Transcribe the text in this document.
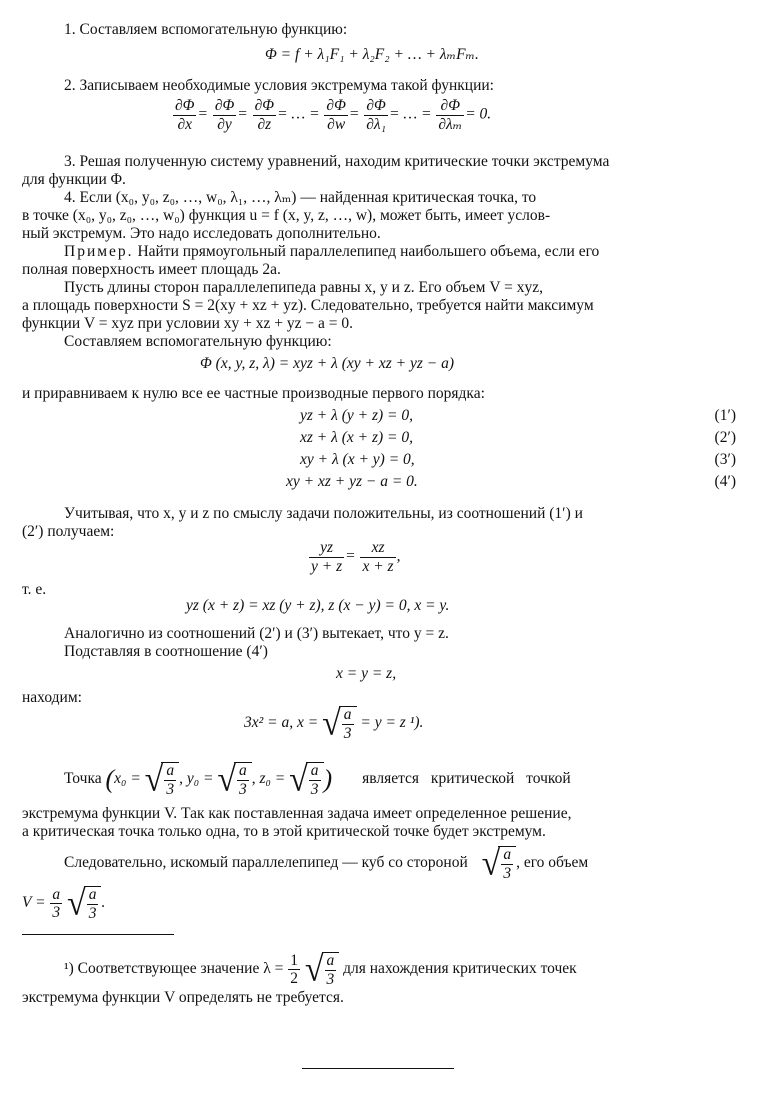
1. Составляем вспомогательную функцию:
Φ = f + λ₁F₁ + λ₂F₂ + … + λₘFₘ.
2. Записываем необходимые условия экстремума такой функции:
$\frac{\partial\Phi}{\partial x} = \frac{\partial\Phi}{\partial y} = \frac{\partial\Phi}{\partial z}$ = … = $\frac{\partial\Phi}{\partial w} = \frac{\partial\Phi}{\text{∂λ₁}}$ = … = $\frac{\partial\Phi}{\text{∂λₘ}} = 0$.
3. Решая полученную систему уравнений, находим критические точки экстремума
для функции Φ.
4. Если (x₀, y₀, z₀, …, w₀, λ₁, …, λₘ) — найденная критическая точка, то
в точке (x₀, y₀, z₀, …, w₀) функция u = f (x, y, z, …, w), может быть, имеет услов-
ный экстремум. Это надо исследовать дополнительно.
Пример. Найти прямоугольный параллелепипед наибольшего объема, если его
полная поверхность имеет площадь 2a.
Пусть длины сторон параллелепипеда равны x, y и z. Его объем V = xyz,
а площадь поверхности S = 2(xy + xz + yz). Следовательно, требуется найти максимум
функции V = xyz при условии xy + xz + yz − a = 0.
Составляем вспомогательную функцию:
Φ (x, y, z, λ) = xyz + λ (xy + xz + yz − a)
и приравниваем к нулю все ее частные производные первого порядка:
yz + λ (y + z) = 0,	(1′)
xz + λ (x + z) = 0,	(2′)
xy + λ (x + y) = 0,	(3′)
xy + xz + yz − a = 0.	(4′)
Учитывая, что x, y и z по смыслу задачи положительны, из соотношений (1′) и
(2′) получаем:
$\frac{yz}{y + z} = \frac{xz}{x + z}$ ,
т. е.
yz (x + z) = xz (y + z), z (x − y) = 0, x = y.
Аналогично из соотношений (2′) и (3′) вытекает, что y = z.
Подставляя в соотношение (4′)
x = y = z,
находим:
3x² = a, x = √ $\frac{a}{3} = y = z$ ¹).
Точка (x₀ = √ $\frac{a}{3}$ , y₀ = √ $\frac{a}{3}$ , z₀ = √ $\frac{a}{3}$ ) является критической точкой
экстремума функции V. Так как поставленная задача имеет определенное решение,
а критическая точка только одна, то в этой критической точке будет экстремум.
Следовательно, искомый параллелепипед — куб со стороной √ $\frac{a}{3}$ , его объем
$V = \frac{a}{3}$ √ $\frac{a}{3}$ .
¹) Соответствующее значение $\lambda = \frac{1}{2}$ √ $\frac{a}{3}$ для нахождения критических точек
экстремума функции V определять не требуется.
